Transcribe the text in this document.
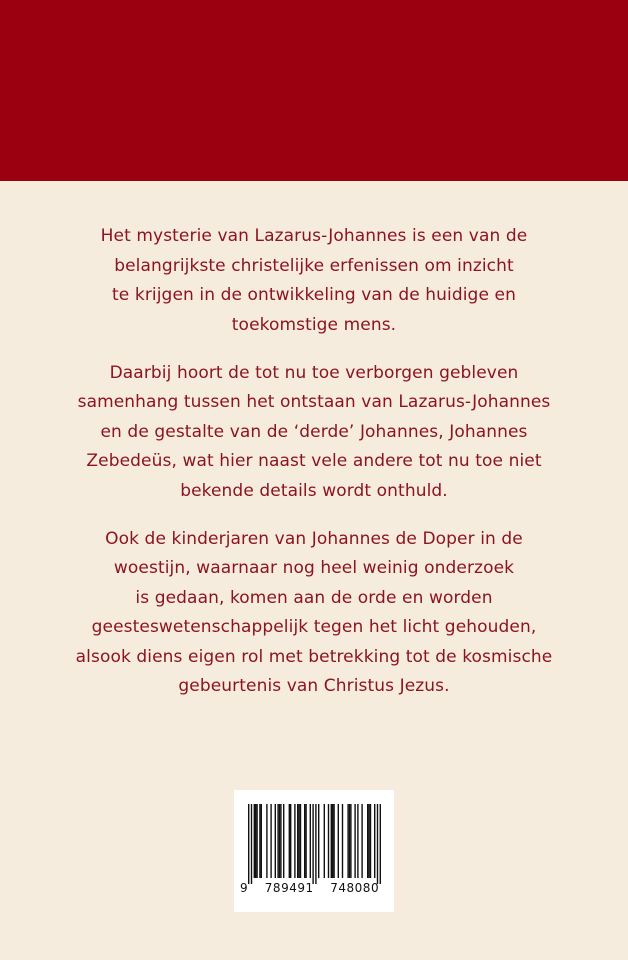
Het mysterie van Lazarus-Johannes is een van de
belangrijkste christelijke erfenissen om inzicht
te krijgen in de ontwikkeling van de huidige en
toekomstige mens.

Daarbij hoort de tot nu toe verborgen gebleven
samenhang tussen het ontstaan van Lazarus-Johannes
en de gestalte van de ‘derde’ Johannes, Johannes
Zebedeüs, wat hier naast vele andere tot nu toe niet
bekende details wordt onthuld.

Ook de kinderjaren van Johannes de Doper in de
woestijn, waarnaar nog heel weinig onderzoek
is gedaan, komen aan de orde en worden
geesteswetenschappelijk tegen het licht gehouden,
alsook diens eigen rol met betrekking tot de kosmische
gebeurtenis van Christus Jezus.

9 789491 748080
